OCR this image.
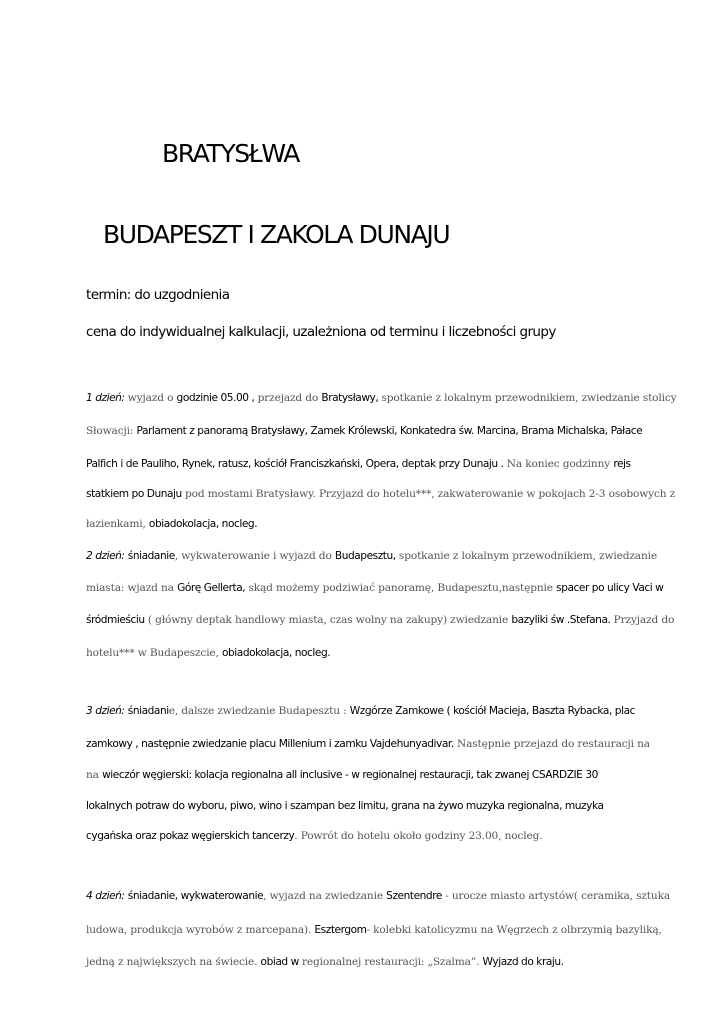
BRATYSŁWA
BUDAPESZT I ZAKOLA DUNAJU

termin: do uzgodnienia

cena do indywidualnej kalkulacji, uzależniona od terminu i liczebności grupy

1 dzień: wyjazd o godzinie 05.00 , przejazd do Bratysławy, spotkanie z lokalnym przewodnikiem, zwiedzanie stolicy

Słowacji: Parlament z panoramą Bratysławy, Zamek Królewski, Konkatedra św. Marcina, Brama Michalska, Pałace

Palfich i de Pauliho, Rynek, ratusz, kościół Franciszkański, Opera, deptak przy Dunaju . Na koniec godzinny rejs

statkiem po Dunaju pod mostami Bratysławy. Przyjazd do hotelu***, zakwaterowanie w pokojach 2-3 osobowych z

łazienkami, obiadokolacja, nocleg.

2 dzień: śniadanie, wykwaterowanie i wyjazd do Budapesztu, spotkanie z lokalnym przewodnikiem, zwiedzanie

miasta: wjazd na Górę Gellerta, skąd możemy podziwiać panoramę, Budapesztu,następnie spacer po ulicy Vaci w

śródmieściu ( główny deptak handlowy miasta, czas wolny na zakupy) zwiedzanie bazyliki św .Stefana. Przyjazd do

hotelu*** w Budapeszcie, obiadokolacja, nocleg.

3 dzień: śniadanie, dalsze zwiedzanie Budapesztu : Wzgórze Zamkowe ( kościół Macieja, Baszta Rybacka, plac

zamkowy , następnie zwiedzanie placu Millenium i zamku Vajdehunyadivar. Następnie przejazd do restauracji na

na wieczór węgierski: kolacja regionalna all inclusive - w regionalnej restauracji, tak zwanej CSARDZIE 30

lokalnych potraw do wyboru, piwo, wino i szampan bez limitu, grana na żywo muzyka regionalna, muzyka

cygańska oraz pokaz węgierskich tancerzy. Powrót do hotelu około godziny 23.00, nocleg.

4 dzień: śniadanie, wykwaterowanie, wyjazd na zwiedzanie Szentendre - urocze miasto artystów( ceramika, sztuka

ludowa, produkcja wyrobów z marcepana). Esztergom- kolebki katolicyzmu na Węgrzech z olbrzymią bazyliką,

jedną z największych na świecie. obiad w regionalnej restauracji: „Szalma”. Wyjazd do kraju.
